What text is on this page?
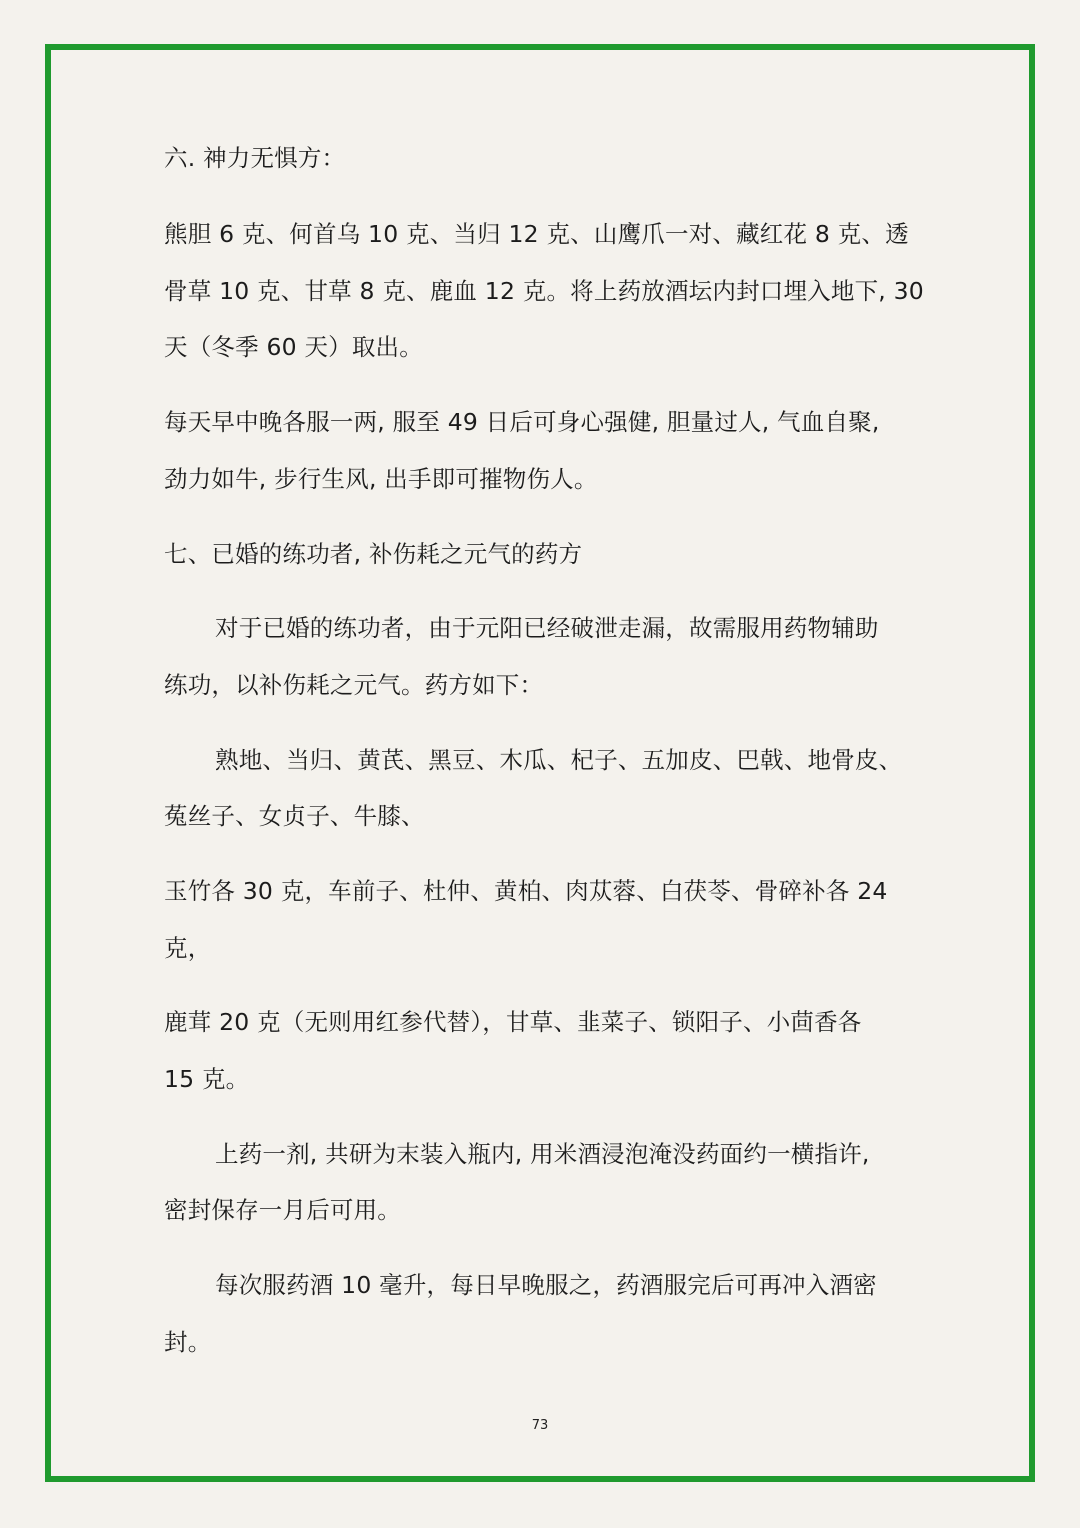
六. 神力无惧方：
熊胆 6 克、何首乌 10 克、当归 12 克、山鹰爪一对、藏红花 8 克、透
骨草 10 克、甘草 8 克、鹿血 12 克。将上药放酒坛内封口埋入地下, 30
天（冬季 60 天）取出。
每天早中晚各服一两, 服至 49 日后可身心强健, 胆量过人, 气血自聚,
劲力如牛, 步行生风, 出手即可摧物伤人。
七、已婚的练功者, 补伤耗之元气的药方
对于已婚的练功者，由于元阳已经破泄走漏，故需服用药物辅助
练功，以补伤耗之元气。药方如下：
熟地、当归、黄芪、黑豆、木瓜、杞子、五加皮、巴戟、地骨皮、
菟丝子、女贞子、牛膝、
玉竹各 30 克，车前子、杜仲、黄柏、肉苁蓉、白茯苓、骨碎补各 24
克，
鹿茸 20 克（无则用红参代替），甘草、韭菜子、锁阳子、小茴香各
15 克。
上药一剂, 共研为末装入瓶内, 用米酒浸泡淹没药面约一横指许,
密封保存一月后可用。
每次服药酒 10 毫升，每日早晚服之，药酒服完后可再冲入酒密
封。
73
